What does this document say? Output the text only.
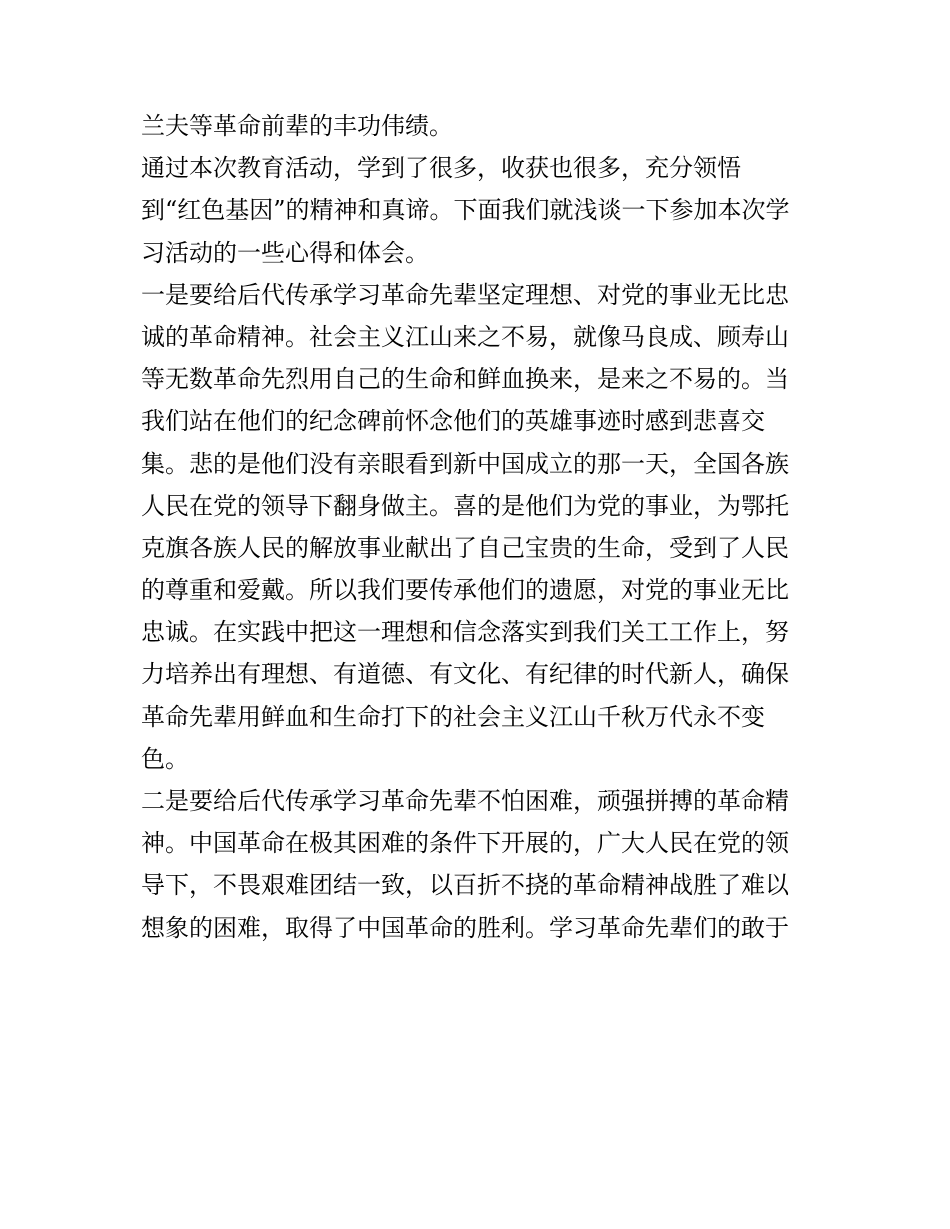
兰夫等革命前辈的丰功伟绩。
通过本次教育活动，学到了很多，收获也很多，充分领悟
到“红色基因”的精神和真谛。下面我们就浅谈一下参加本次学
习活动的一些心得和体会。
一是要给后代传承学习革命先辈坚定理想、对党的事业无比忠
诚的革命精神。社会主义江山来之不易，就像马良成、顾寿山
等无数革命先烈用自己的生命和鲜血换来，是来之不易的。当
我们站在他们的纪念碑前怀念他们的英雄事迹时感到悲喜交
集。悲的是他们没有亲眼看到新中国成立的那一天，全国各族
人民在党的领导下翻身做主。喜的是他们为党的事业，为鄂托
克旗各族人民的解放事业献出了自己宝贵的生命，受到了人民
的尊重和爱戴。所以我们要传承他们的遗愿，对党的事业无比
忠诚。在实践中把这一理想和信念落实到我们关工工作上，努
力培养出有理想、有道德、有文化、有纪律的时代新人，确保
革命先辈用鲜血和生命打下的社会主义江山千秋万代永不变
色。
二是要给后代传承学习革命先辈不怕困难，顽强拼搏的革命精
神。中国革命在极其困难的条件下开展的，广大人民在党的领
导下，不畏艰难团结一致，以百折不挠的革命精神战胜了难以
想象的困难，取得了中国革命的胜利。学习革命先辈们的敢于
